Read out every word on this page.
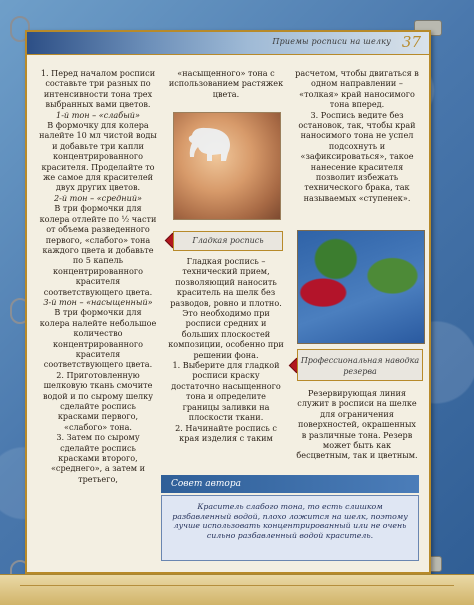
Приемы росписи на шелку 37

1. Перед началом росписи составьте три разных по интенсивности тона трех выбранных вами цветов.

1-й тон – «слабый»

В формочку для колера налейте 10 мл чистой воды и добавьте три капли концентрированного красителя. Проделайте то же самое для красителей двух других цветов.

2-й тон – «средний»

В три формочки для колера отлейте по ½ части от объема разведенного первого, «слабого» тона каждого цвета и добавьте по 5 капель концентрированного красителя соответствующего цвета.

3-й тон – «насыщенный»

В три формочки для колера налейте небольшое количество концентрированного красителя соответствующего цвета.

2. Приготовленную шелковую ткань смочите водой и по сырому шелку сделайте роспись красками первого, «слабого» тона.

3. Затем по сырому сделайте роспись красками второго, «среднего», а затем и третьего,

«насыщенного» тона с использованием растяжек цвета.

Гладкая роспись

Гладкая роспись – технический прием, позволяющий наносить краситель на шелк без разводов, ровно и плотно. Это необходимо при росписи средних и больших плоскостей композиции, особенно при решении фона.

1. Выберите для гладкой росписи краску достаточно насыщенного тона и определите границы заливки на плоскости ткани.

2. Начинайте роспись с края изделия с таким

расчетом, чтобы двигаться в одном направлении – «толкая» край наносимого тона вперед.

3. Роспись ведите без остановок, так, чтобы край наносимого тона не успел подсохнуть и «зафиксироваться», такое нанесение красителя позволит избежать технического брака, так называемых «ступенек».

Профессиональная наводка резерва

Резервирующая линия служит в росписи на шелке для ограничения поверхностей, окрашенных в различные тона. Резерв может быть как бесцветным, так и цветным.

Совет автора
Краситель слабого тона, то есть слишком разбавленный водой, плохо ложится на шелк, поэтому лучше использовать концентрированный или не очень сильно разбавленный водой краситель.
